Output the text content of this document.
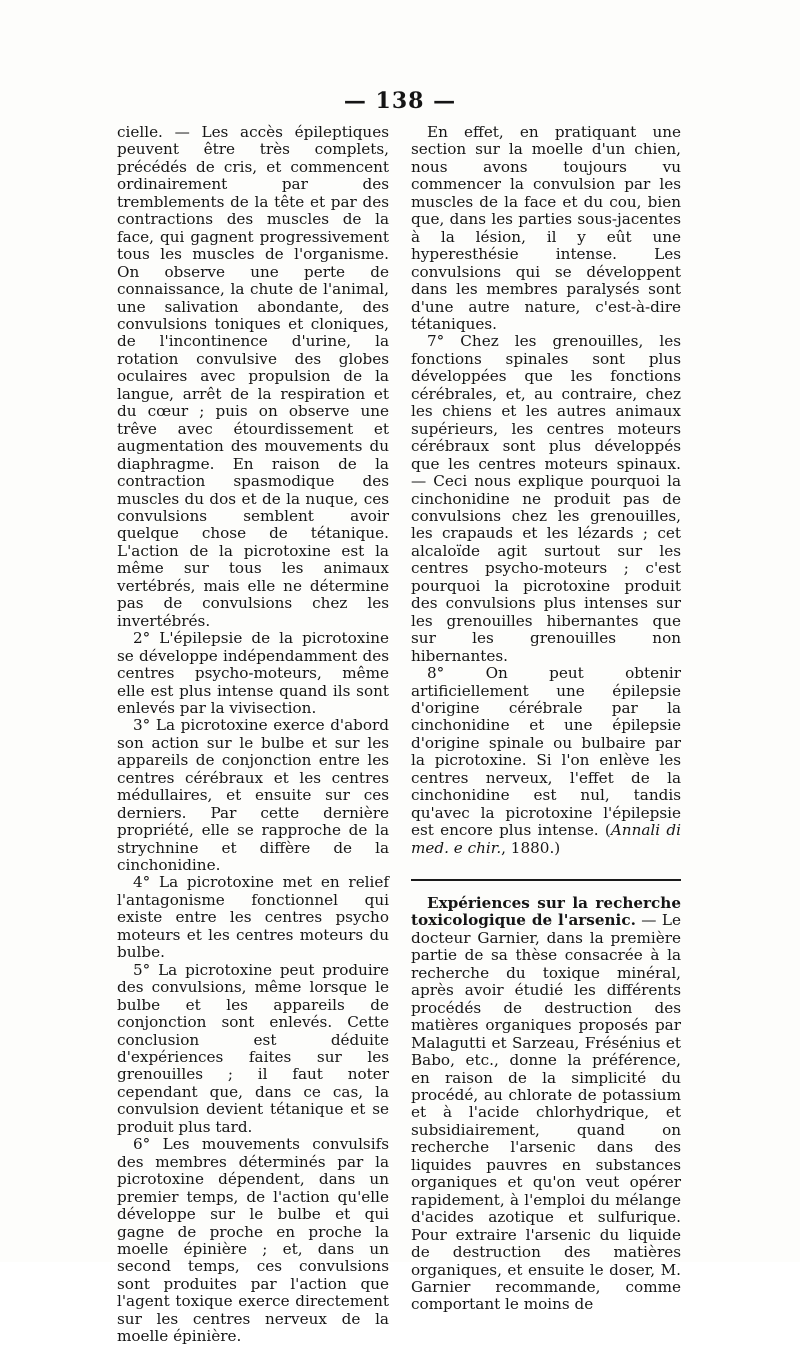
— 138 —

cielle. — Les accès épileptiques peuvent être très complets, précédés de cris, et commencent ordinairement par des tremblements de la tête et par des contractions des muscles de la face, qui gagnent progressivement tous les muscles de l'organisme. On observe une perte de connaissance, la chute de l'animal, une salivation abondante, des convulsions toniques et cloniques, de l'incontinence d'urine, la rotation convulsive des globes oculaires avec propulsion de la langue, arrêt de la respiration et du cœur ; puis on observe une trêve avec étourdissement et augmentation des mouvements du diaphragme. En raison de la contraction spasmodique des muscles du dos et de la nuque, ces convulsions semblent avoir quelque chose de tétanique. L'action de la picrotoxine est la même sur tous les animaux vertébrés, mais elle ne détermine pas de convulsions chez les invertébrés.

2° L'épilepsie de la picrotoxine se développe indépendamment des centres psycho-moteurs, même elle est plus intense quand ils sont enlevés par la vivisection.

3° La picrotoxine exerce d'abord son action sur le bulbe et sur les appareils de conjonction entre les centres cérébraux et les centres médullaires, et ensuite sur ces derniers. Par cette dernière propriété, elle se rapproche de la strychnine et diffère de la cinchonidine.

4° La picrotoxine met en relief l'antagonisme fonctionnel qui existe entre les centres psycho moteurs et les centres moteurs du bulbe.

5° La picrotoxine peut produire des convulsions, même lorsque le bulbe et les appareils de conjonction sont enlevés. Cette conclusion est déduite d'expériences faites sur les grenouilles ; il faut noter cependant que, dans ce cas, la convulsion devient tétanique et se produit plus tard.

6° Les mouvements convulsifs des membres déterminés par la picrotoxine dépendent, dans un premier temps, de l'action qu'elle développe sur le bulbe et qui gagne de proche en proche la moelle épinière ; et, dans un second temps, ces convulsions sont produites par l'action que l'agent toxique exerce directement sur les centres nerveux de la moelle épinière.

En effet, en pratiquant une section sur la moelle d'un chien, nous avons toujours vu commencer la convulsion par les muscles de la face et du cou, bien que, dans les parties sous-jacentes à la lésion, il y eût une hyperesthésie intense. Les convulsions qui se développent dans les membres paralysés sont d'une autre nature, c'est-à-dire tétaniques.

7° Chez les grenouilles, les fonctions spinales sont plus développées que les fonctions cérébrales, et, au contraire, chez les chiens et les autres animaux supérieurs, les centres moteurs cérébraux sont plus développés que les centres moteurs spinaux. — Ceci nous explique pourquoi la cinchonidine ne produit pas de convulsions chez les grenouilles, les crapauds et les lézards ; cet alcaloïde agit surtout sur les centres psycho-moteurs ; c'est pourquoi la picrotoxine produit des convulsions plus intenses sur les grenouilles hibernantes que sur les grenouilles non hibernantes.

8° On peut obtenir artificiellement une épilepsie d'origine cérébrale par la cinchonidine et une épilepsie d'origine spinale ou bulbaire par la picrotoxine. Si l'on enlève les centres nerveux, l'effet de la cinchonidine est nul, tandis qu'avec la picrotoxine l'épilepsie est encore plus intense. (Annali di med. e chir., 1880.)

Expériences sur la recherche toxicologique de l'arsenic. — Le docteur Garnier, dans la première partie de sa thèse consacrée à la recherche du toxique minéral, après avoir étudié les différents procédés de destruction des matières organiques proposés par Malagutti et Sarzeau, Frésénius et Babo, etc., donne la préférence, en raison de la simplicité du procédé, au chlorate de potassium et à l'acide chlorhydrique, et subsidiairement, quand on recherche l'arsenic dans des liquides pauvres en substances organiques et qu'on veut opérer rapidement, à l'emploi du mélange d'acides azotique et sulfurique. Pour extraire l'arsenic du liquide de destruction des matières organiques, et ensuite le doser, M. Garnier recommande, comme comportant le moins de
